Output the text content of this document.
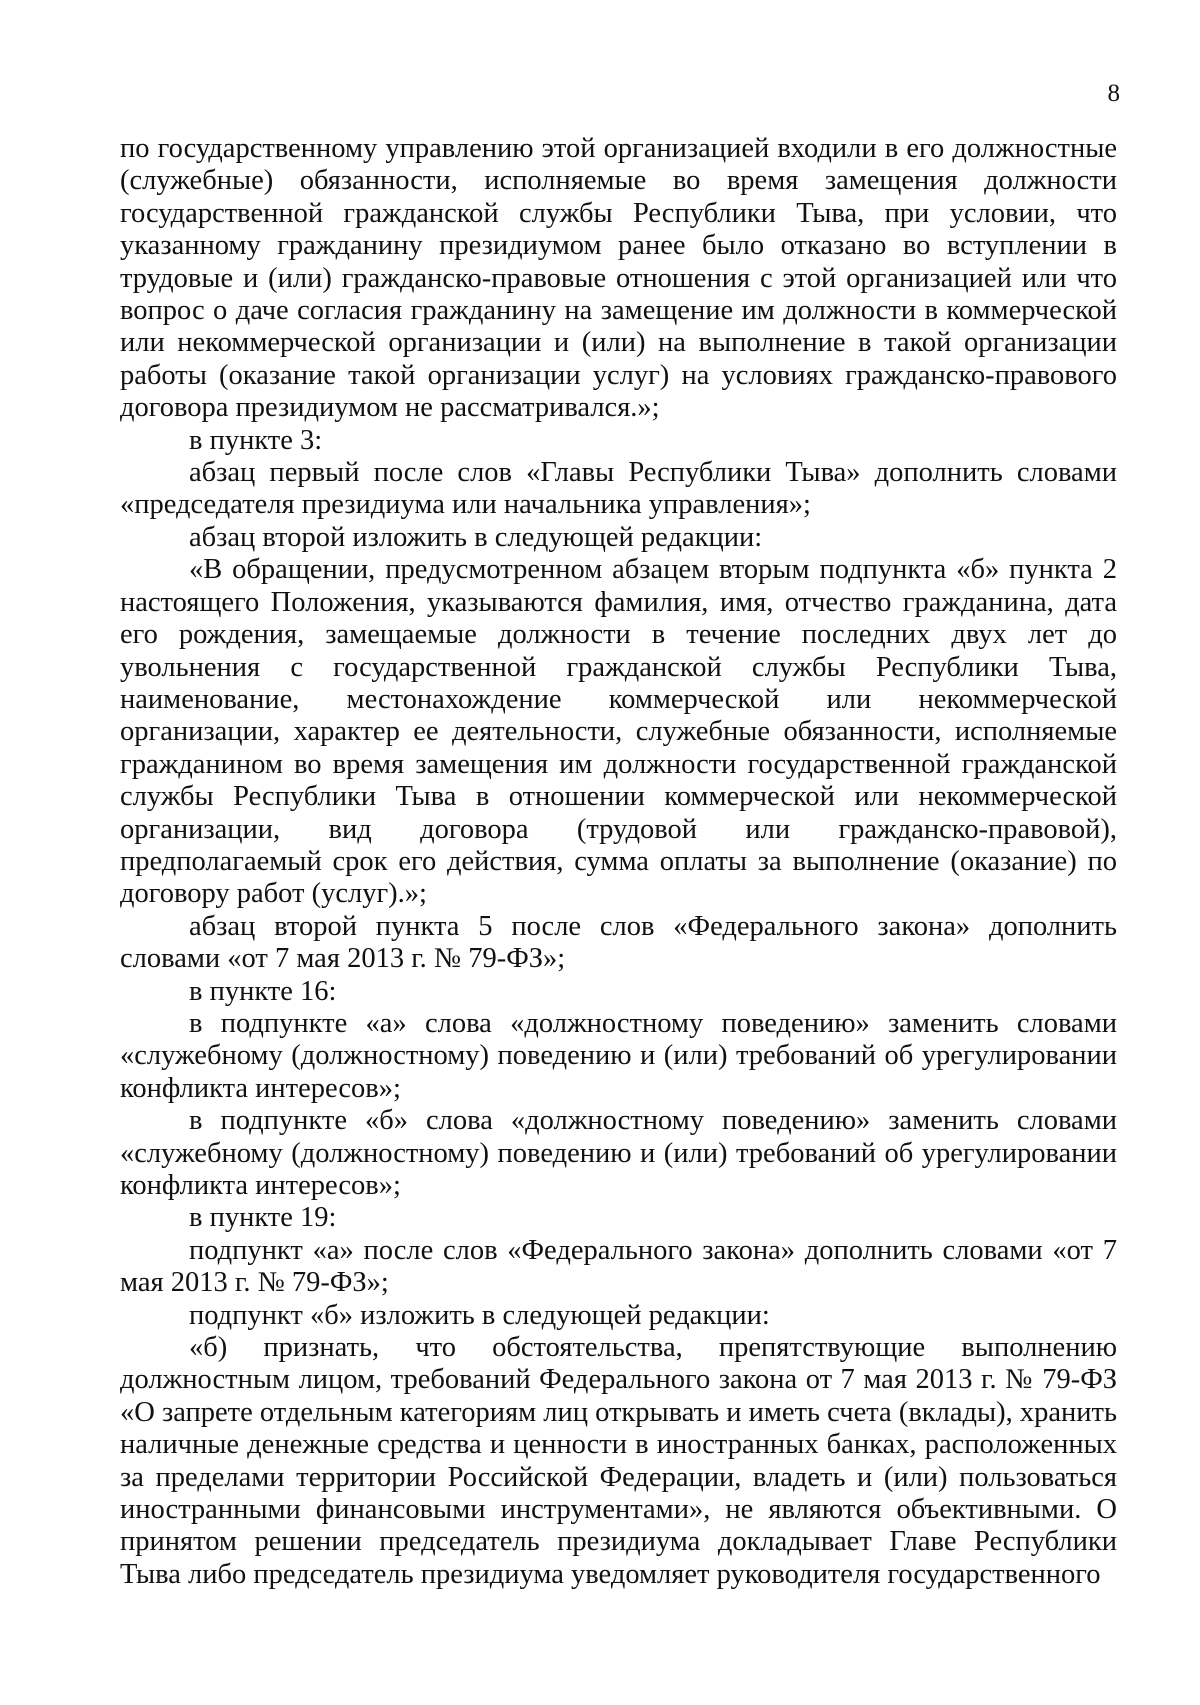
8

по государственному управлению этой организацией входили в его должностные (служебные) обязанности, исполняемые во время замещения должности государственной гражданской службы Республики Тыва, при условии, что указанному гражданину президиумом ранее было отказано во вступлении в трудовые и (или) гражданско-правовые отношения с этой организацией или что вопрос о даче согласия гражданину на замещение им должности в коммерческой или некоммерческой организации и (или) на выполнение в такой организации работы (оказание такой организации услуг) на условиях гражданско-правового договора президиумом не рассматривался.»;

в пункте 3:

абзац первый после слов «Главы Республики Тыва» дополнить словами «председателя президиума или начальника управления»;

абзац второй изложить в следующей редакции:

«В обращении, предусмотренном абзацем вторым подпункта «б» пункта 2 настоящего Положения, указываются фамилия, имя, отчество гражданина, дата его рождения, замещаемые должности в течение последних двух лет до увольнения с государственной гражданской службы Республики Тыва, наименование, местонахождение коммерческой или некоммерческой организации, характер ее деятельности, служебные обязанности, исполняемые гражданином во время замещения им должности государственной гражданской службы Республики Тыва в отношении коммерческой или некоммерческой организации, вид договора (трудовой или гражданско-правовой), предполагаемый срок его действия, сумма оплаты за выполнение (оказание) по договору работ (услуг).»;

абзац второй пункта 5 после слов «Федерального закона» дополнить словами «от 7 мая 2013 г. № 79-ФЗ»;

в пункте 16:

в подпункте «а» слова «должностному поведению» заменить словами «служебному (должностному) поведению и (или) требований об урегулировании конфликта интересов»;

в подпункте «б» слова «должностному поведению» заменить словами «служебному (должностному) поведению и (или) требований об урегулировании конфликта интересов»;

в пункте 19:

подпункт «а» после слов «Федерального закона» дополнить словами «от 7 мая 2013 г. № 79-ФЗ»;

подпункт «б» изложить в следующей редакции:

«б) признать, что обстоятельства, препятствующие выполнению должностным лицом, требований Федерального закона от 7 мая 2013 г. № 79-ФЗ «О запрете отдельным категориям лиц открывать и иметь счета (вклады), хранить наличные денежные средства и ценности в иностранных банках, расположенных за пределами территории Российской Федерации, владеть и (или) пользоваться иностранными финансовыми инструментами», не являются объективными. О принятом решении председатель президиума докладывает Главе Республики Тыва либо председатель президиума уведомляет руководителя государственного
